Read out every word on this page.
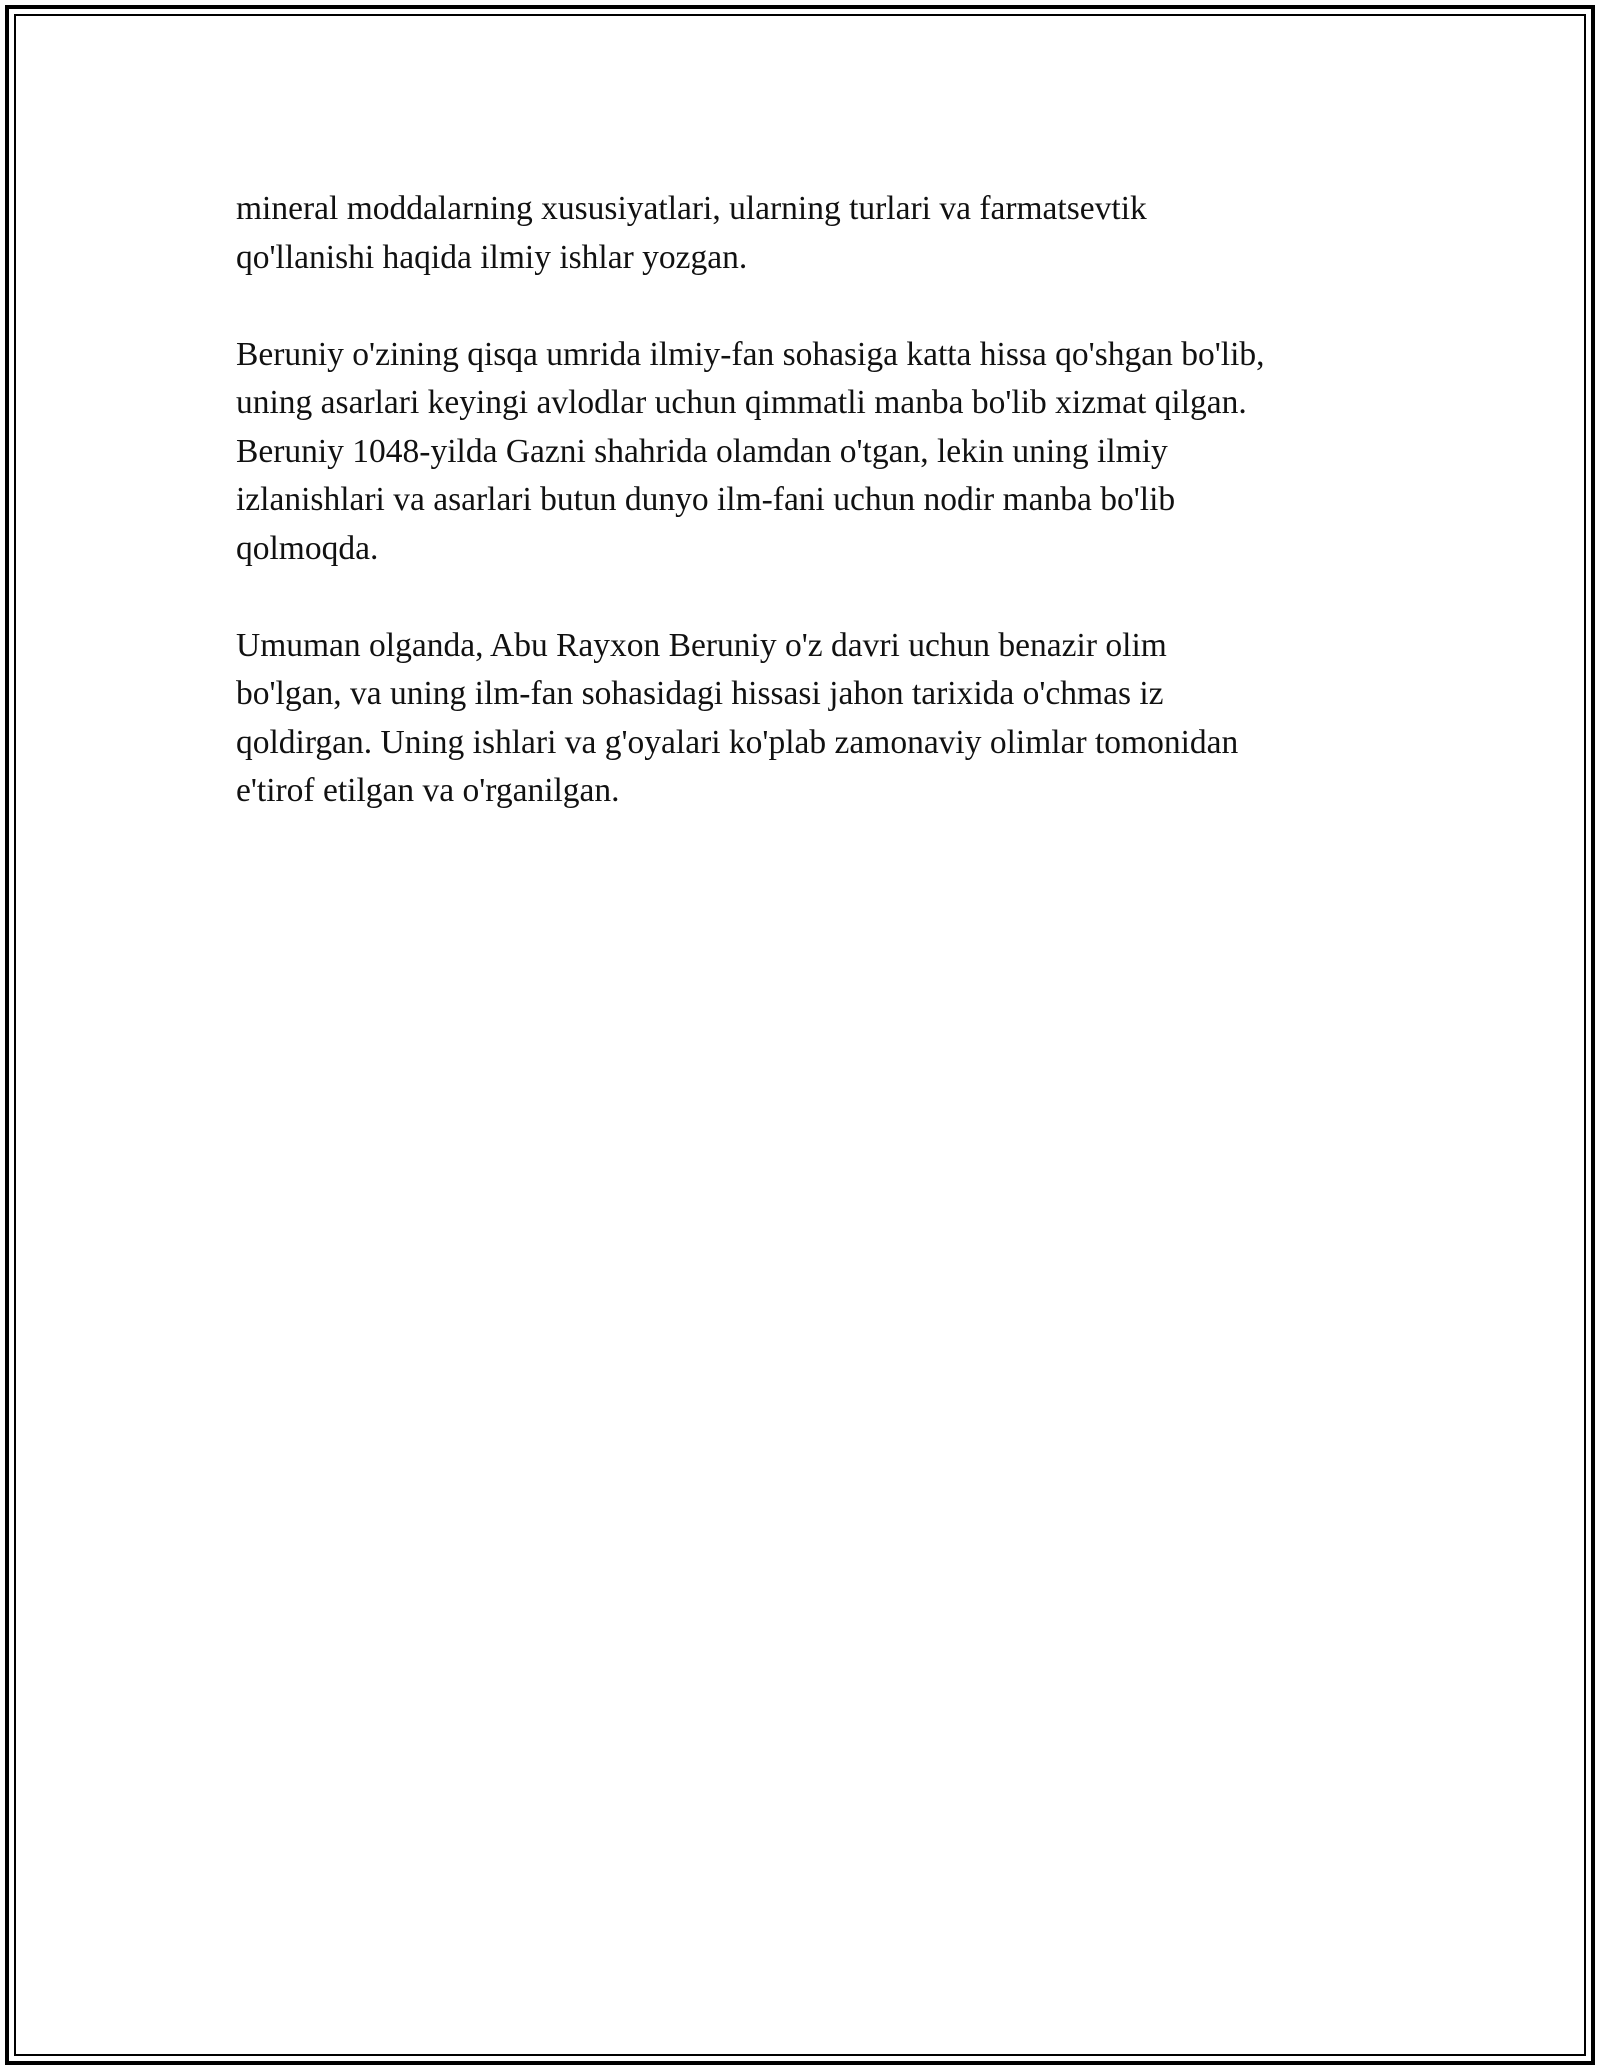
mineral moddalarning xususiyatlari, ularning turlari va farmatsevtik
qo'llanishi haqida ilmiy ishlar yozgan.

Beruniy o'zining qisqa umrida ilmiy-fan sohasiga katta hissa qo'shgan bo'lib,
uning asarlari keyingi avlodlar uchun qimmatli manba bo'lib xizmat qilgan.
Beruniy 1048-yilda Gazni shahrida olamdan o'tgan, lekin uning ilmiy
izlanishlari va asarlari butun dunyo ilm-fani uchun nodir manba bo'lib
qolmoqda.

Umuman olganda, Abu Rayxon Beruniy o'z davri uchun benazir olim
bo'lgan, va uning ilm-fan sohasidagi hissasi jahon tarixida o'chmas iz
qoldirgan. Uning ishlari va g'oyalari ko'plab zamonaviy olimlar tomonidan
e'tirof etilgan va o'rganilgan.
